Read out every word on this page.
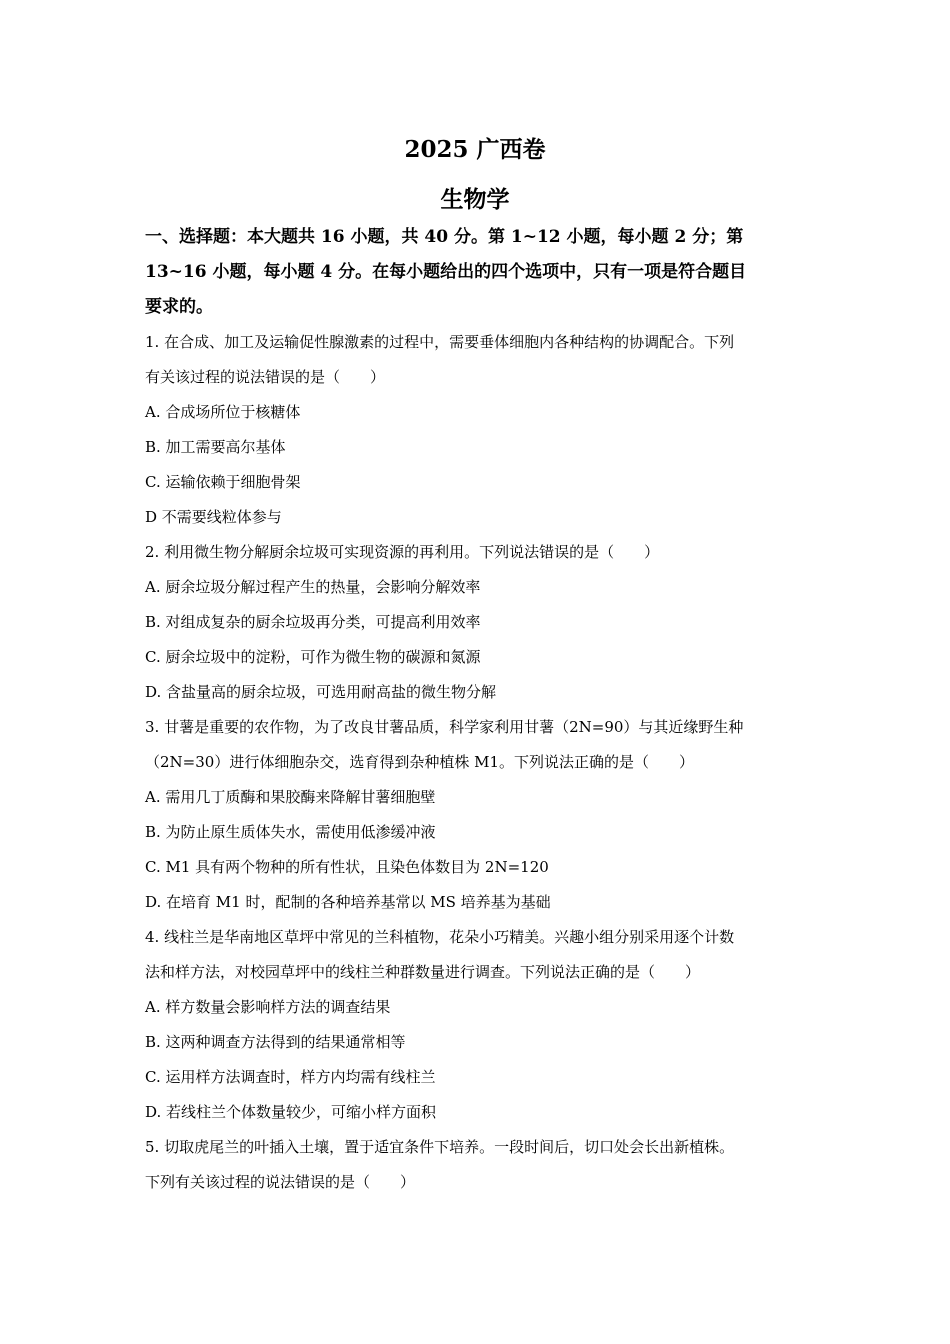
2025 广西卷
生物学
一、选择题：本大题共 16 小题，共 40 分。第 1~12 小题，每小题 2 分；第
13~16 小题，每小题 4 分。在每小题给出的四个选项中，只有一项是符合题目
要求的。

1. 在合成、加工及运输促性腺激素的过程中，需要垂体细胞内各种结构的协调配合。下列

有关该过程的说法错误的是（　　）

A. 合成场所位于核糖体

B. 加工需要高尔基体

C. 运输依赖于细胞骨架

D 不需要线粒体参与

2. 利用微生物分解厨余垃圾可实现资源的再利用。下列说法错误的是（　　）

A. 厨余垃圾分解过程产生的热量，会影响分解效率

B. 对组成复杂的厨余垃圾再分类，可提高利用效率

C. 厨余垃圾中的淀粉，可作为微生物的碳源和氮源

D. 含盐量高的厨余垃圾，可选用耐高盐的微生物分解

3. 甘薯是重要的农作物，为了改良甘薯品质，科学家利用甘薯（2N=90）与其近缘野生种

（2N=30）进行体细胞杂交，选育得到杂种植株 M1。下列说法正确的是（　　）

A. 需用几丁质酶和果胶酶来降解甘薯细胞壁

B. 为防止原生质体失水，需使用低渗缓冲液

C. M1 具有两个物种的所有性状，且染色体数目为 2N=120

D. 在培育 M1 时，配制的各种培养基常以 MS 培养基为基础

4. 线柱兰是华南地区草坪中常见的兰科植物，花朵小巧精美。兴趣小组分别采用逐个计数

法和样方法，对校园草坪中的线柱兰种群数量进行调查。下列说法正确的是（　　）

A. 样方数量会影响样方法的调查结果

B. 这两种调查方法得到的结果通常相等

C. 运用样方法调查时，样方内均需有线柱兰

D. 若线柱兰个体数量较少，可缩小样方面积

5. 切取虎尾兰的叶插入土壤，置于适宜条件下培养。一段时间后，切口处会长出新植株。

下列有关该过程的说法错误的是（　　）
